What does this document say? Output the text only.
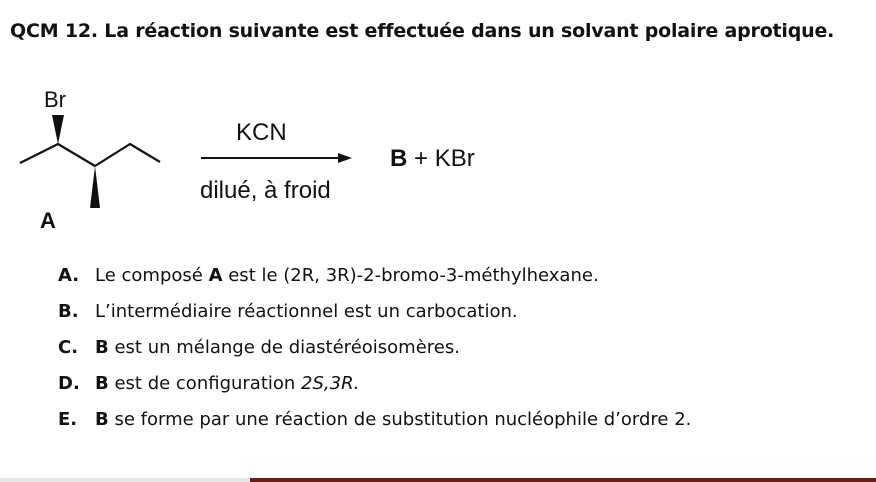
QCM 12. La réaction suivante est effectuée dans un solvant polaire aprotique.
Br
A
KCN
dilué, à froid
B + KBr
A. Le composé A est le (2R, 3R)-2-bromo-3-méthylhexane.
B. L’intermédiaire réactionnel est un carbocation.
C. B est un mélange de diastéréoisomères.
D. B est de configuration 2S,3R.
E. B se forme par une réaction de substitution nucléophile d’ordre 2.
